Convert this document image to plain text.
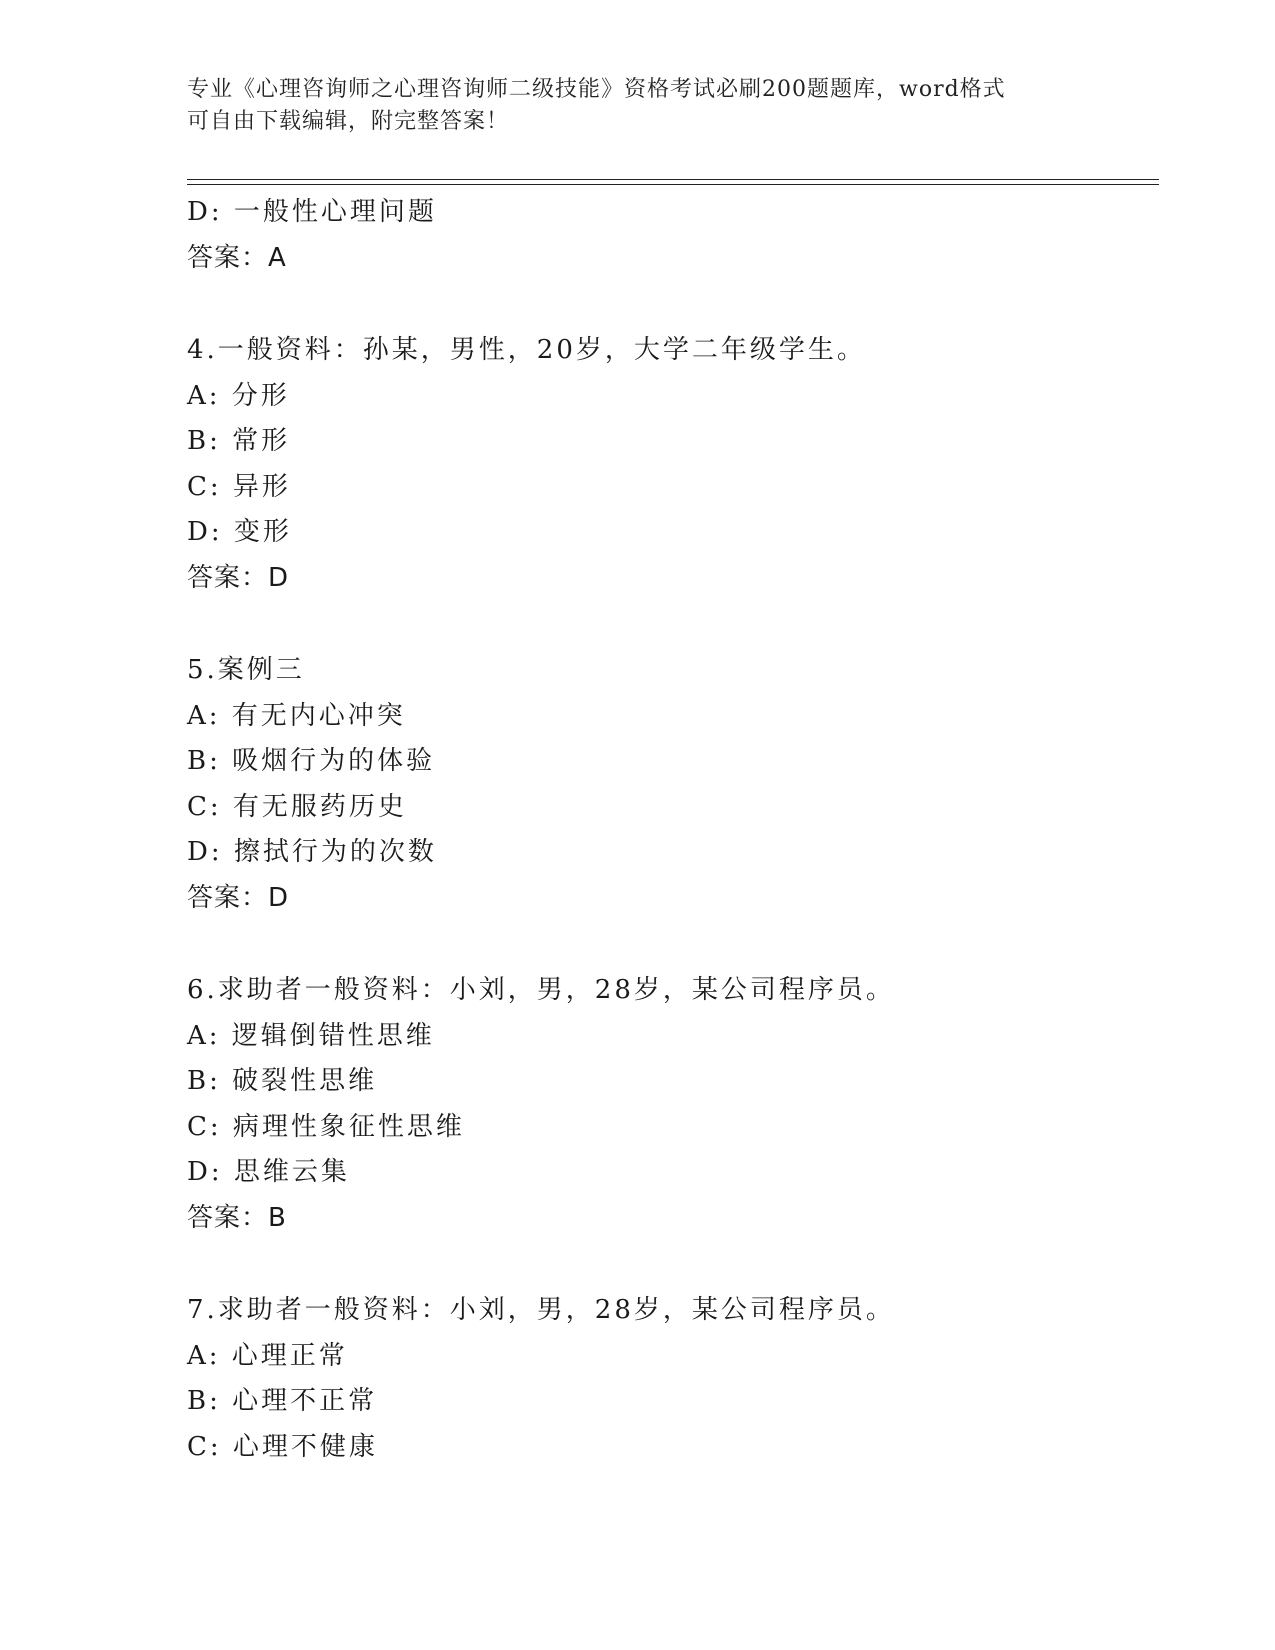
专业《心理咨询师之心理咨询师二级技能》资格考试必刷200题题库，word格式
可自由下载编辑，附完整答案！
D: 一般性心理问题
答案：A
4.一般资料：孙某，男性，20岁，大学二年级学生。
A: 分形
B: 常形
C: 异形
D: 变形
答案：D
5.案例三
A: 有无内心冲突
B: 吸烟行为的体验
C: 有无服药历史
D: 擦拭行为的次数
答案：D
6.求助者一般资料：小刘，男，28岁，某公司程序员。
A: 逻辑倒错性思维
B: 破裂性思维
C: 病理性象征性思维
D: 思维云集
答案：B
7.求助者一般资料：小刘，男，28岁，某公司程序员。
A: 心理正常
B: 心理不正常
C: 心理不健康
